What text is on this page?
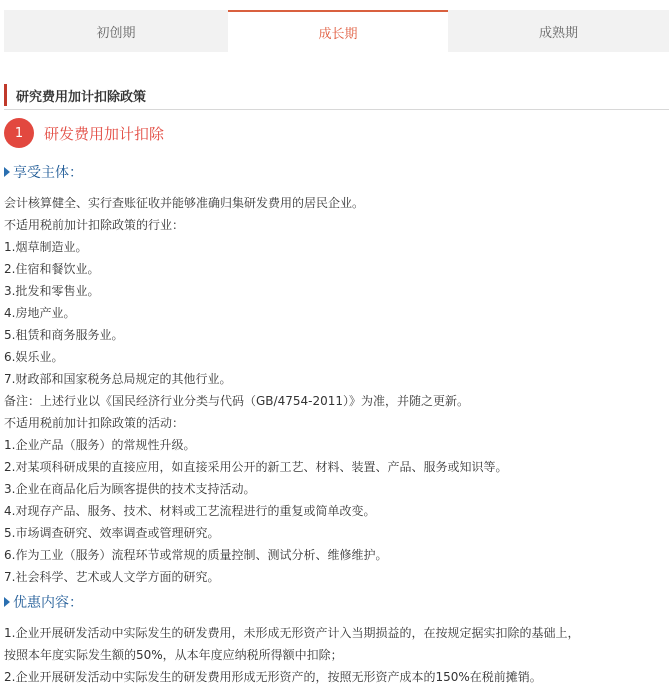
初创期	成长期	成熟期
研究费用加计扣除政策
1	研发费用加计扣除
享受主体：
会计核算健全、实行查账征收并能够准确归集研发费用的居民企业。
不适用税前加计扣除政策的行业：
1.烟草制造业。
2.住宿和餐饮业。
3.批发和零售业。
4.房地产业。
5.租赁和商务服务业。
6.娱乐业。
7.财政部和国家税务总局规定的其他行业。
备注：上述行业以《国民经济行业分类与代码（GB/4754-2011）》为准，并随之更新。
不适用税前加计扣除政策的活动：
1.企业产品（服务）的常规性升级。
2.对某项科研成果的直接应用，如直接采用公开的新工艺、材料、装置、产品、服务或知识等。
3.企业在商品化后为顾客提供的技术支持活动。
4.对现存产品、服务、技术、材料或工艺流程进行的重复或简单改变。
5.市场调查研究、效率调查或管理研究。
6.作为工业（服务）流程环节或常规的质量控制、测试分析、维修维护。
7.社会科学、艺术或人文学方面的研究。
优惠内容：
1.企业开展研发活动中实际发生的研发费用，未形成无形资产计入当期损益的，在按规定据实扣除的基础上，
按照本年度实际发生额的50%，从本年度应纳税所得额中扣除；
2.企业开展研发活动中实际发生的研发费用形成无形资产的，按照无形资产成本的150%在税前摊销。
